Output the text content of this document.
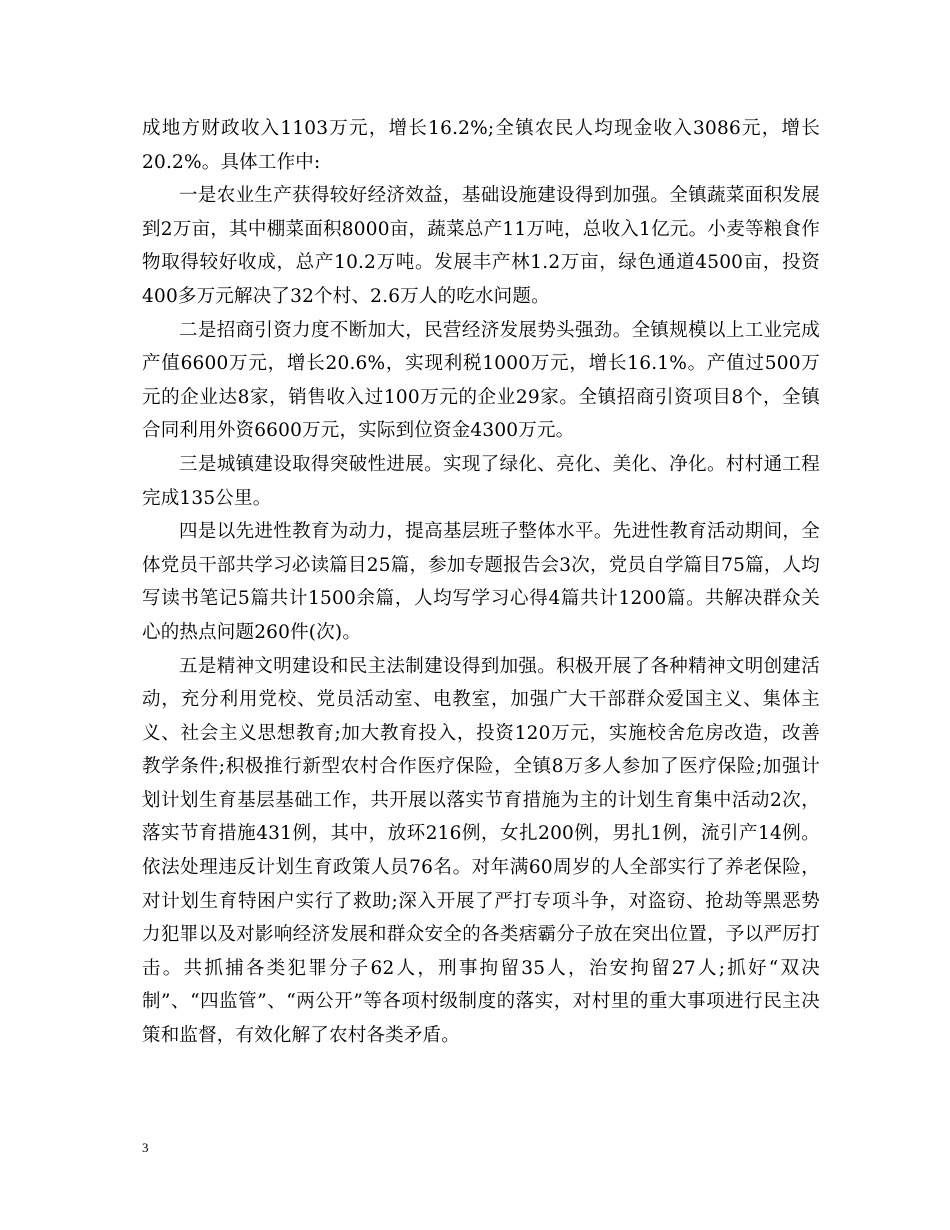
成地方财政收入1103万元，增长16.2%;全镇农民人均现金收入3086元，增长20.2%。具体工作中:

一是农业生产获得较好经济效益，基础设施建设得到加强。全镇蔬菜面积发展到2万亩，其中棚菜面积8000亩，蔬菜总产11万吨，总收入1亿元。小麦等粮食作物取得较好收成，总产10.2万吨。发展丰产林1.2万亩，绿色通道4500亩，投资400多万元解决了32个村、2.6万人的吃水问题。

二是招商引资力度不断加大，民营经济发展势头强劲。全镇规模以上工业完成产值6600万元，增长20.6%，实现利税1000万元，增长16.1%。产值过500万元的企业达8家，销售收入过100万元的企业29家。全镇招商引资项目8个，全镇合同利用外资6600万元，实际到位资金4300万元。

三是城镇建设取得突破性进展。实现了绿化、亮化、美化、净化。村村通工程完成135公里。

四是以先进性教育为动力，提高基层班子整体水平。先进性教育活动期间，全体党员干部共学习必读篇目25篇，参加专题报告会3次，党员自学篇目75篇，人均写读书笔记5篇共计1500余篇，人均写学习心得4篇共计1200篇。共解决群众关心的热点问题260件(次)。

五是精神文明建设和民主法制建设得到加强。积极开展了各种精神文明创建活动，充分利用党校、党员活动室、电教室，加强广大干部群众爱国主义、集体主义、社会主义思想教育;加大教育投入，投资120万元，实施校舍危房改造，改善教学条件;积极推行新型农村合作医疗保险，全镇8万多人参加了医疗保险;加强计划计划生育基层基础工作，共开展以落实节育措施为主的计划生育集中活动2次，落实节育措施431例，其中，放环216例，女扎200例，男扎1例，流引产14例。依法处理违反计划生育政策人员76名。对年满60周岁的人全部实行了养老保险，对计划生育特困户实行了救助;深入开展了严打专项斗争，对盗窃、抢劫等黑恶势力犯罪以及对影响经济发展和群众安全的各类痞霸分子放在突出位置，予以严厉打击。共抓捕各类犯罪分子62人，刑事拘留35人，治安拘留27人;抓好“双决制”、“四监管”、“两公开”等各项村级制度的落实，对村里的重大事项进行民主决策和监督，有效化解了农村各类矛盾。

3
